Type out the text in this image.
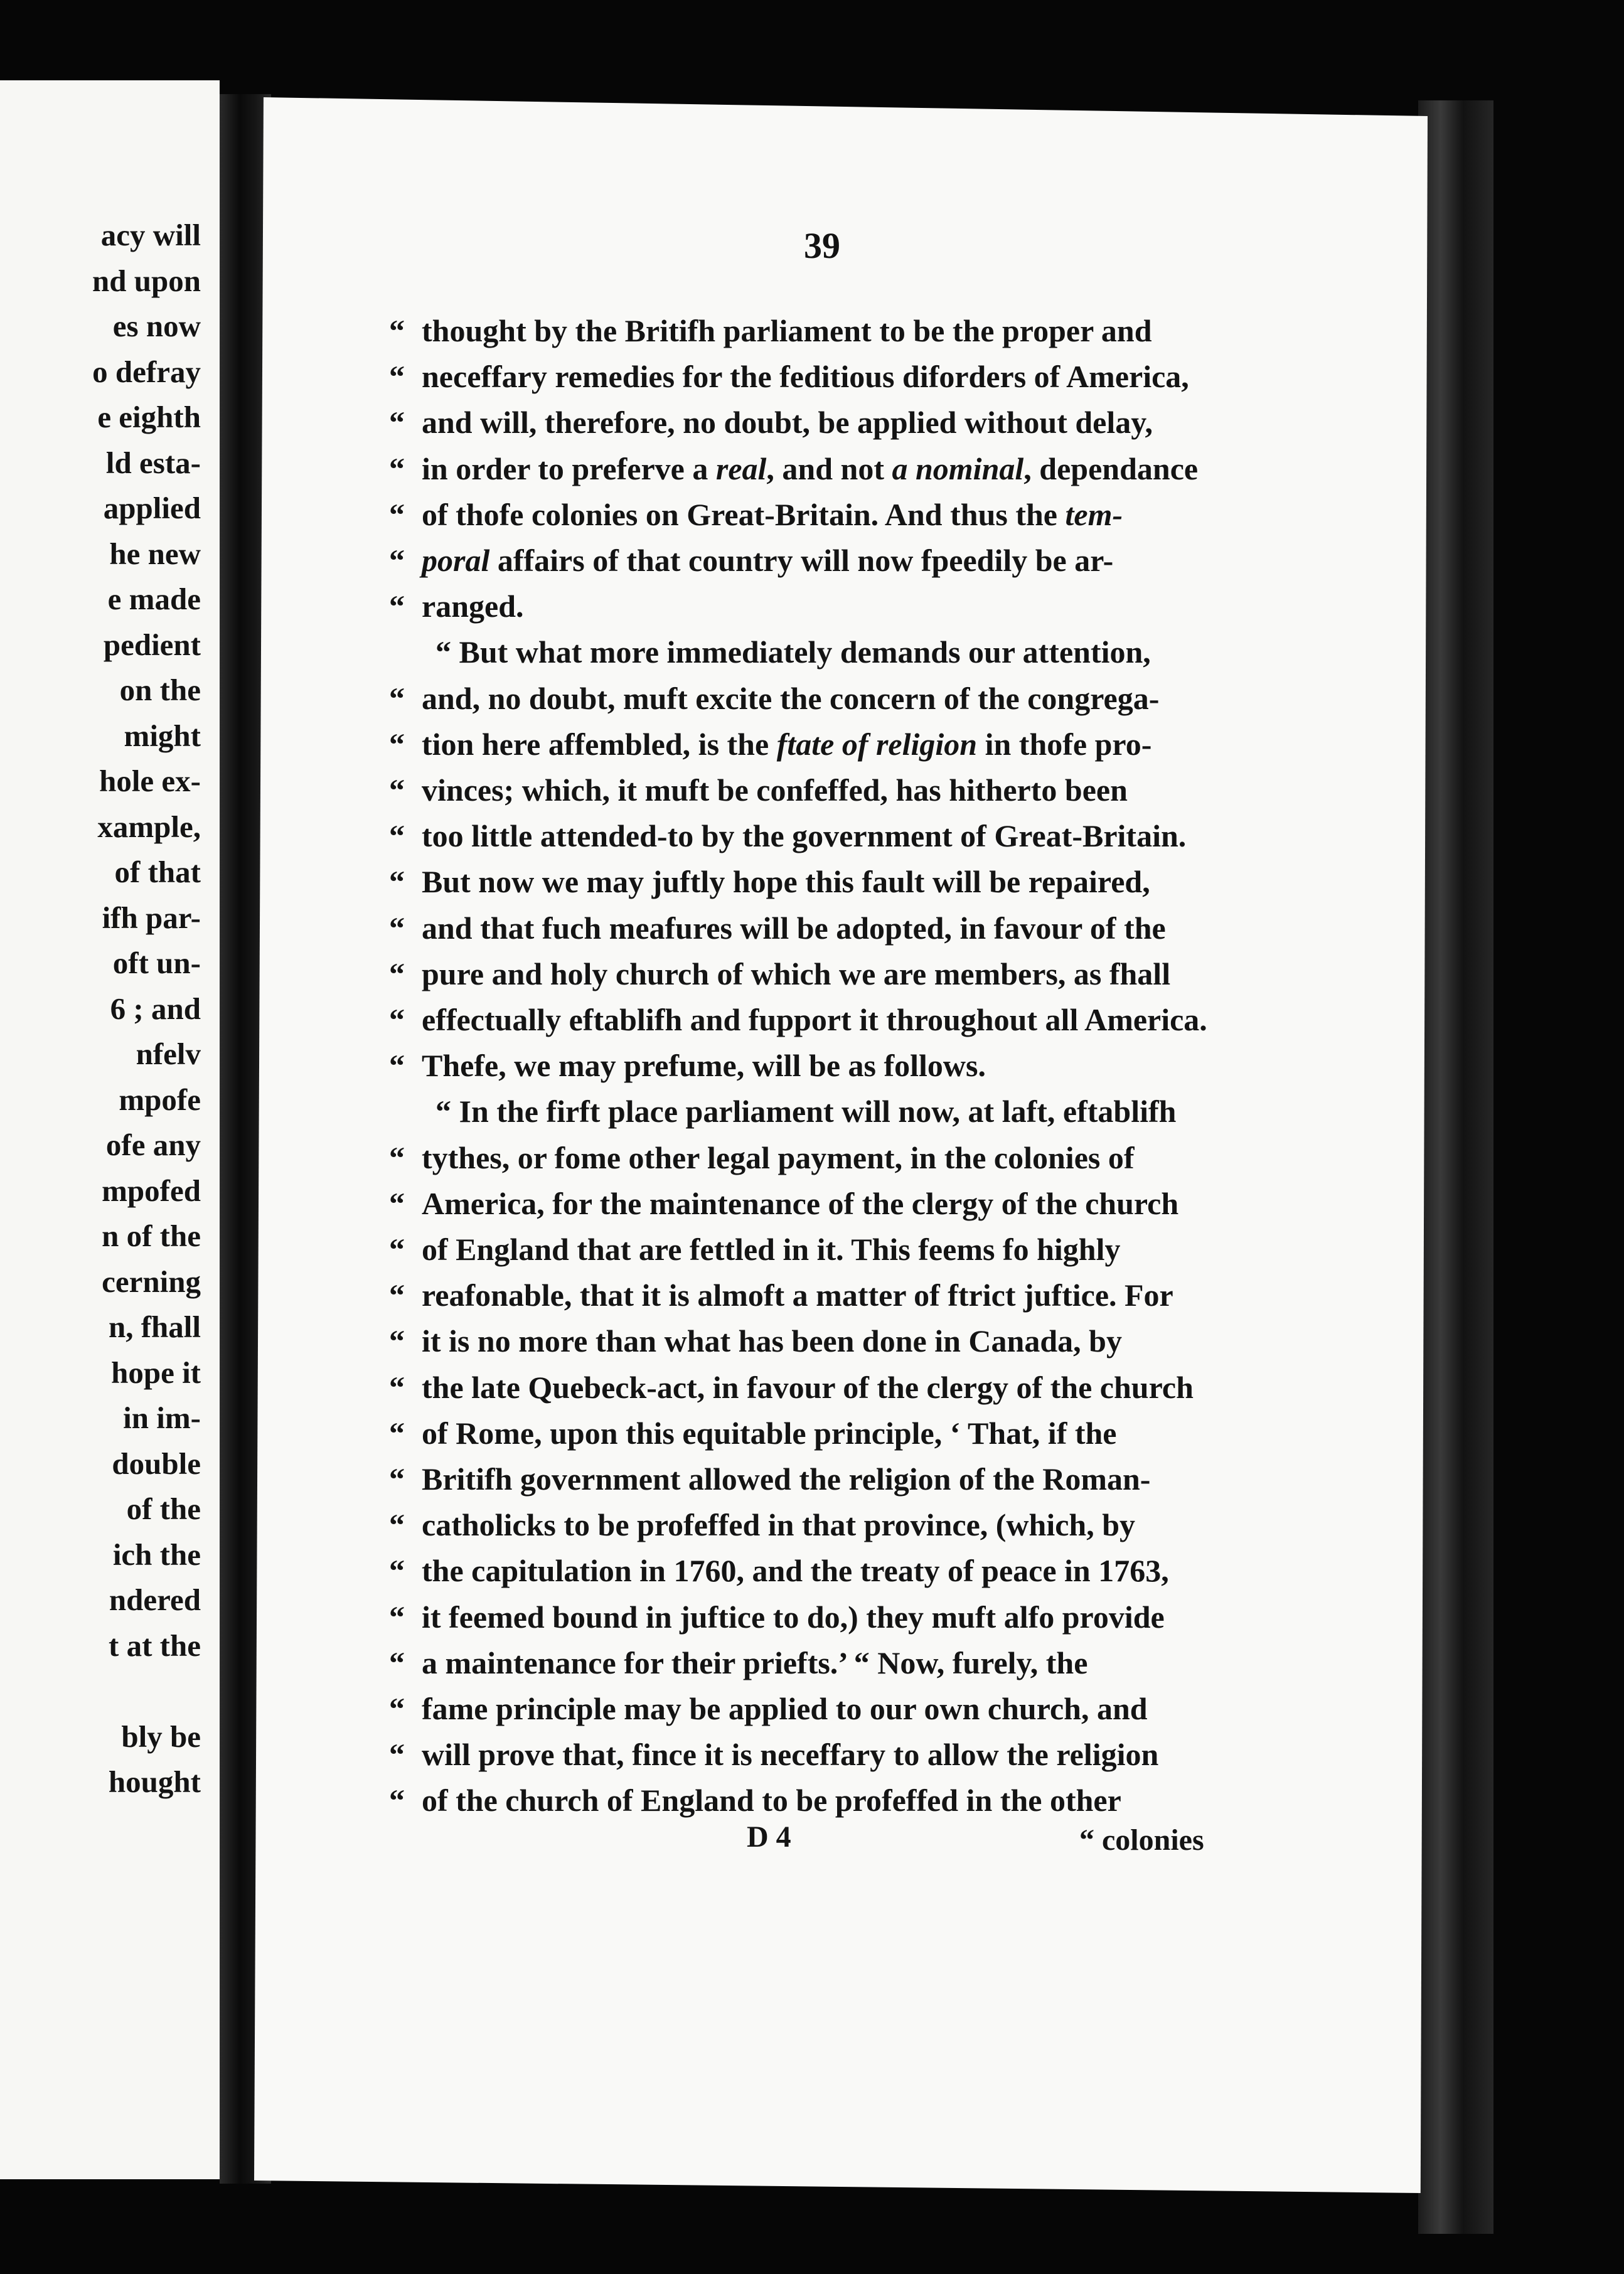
acy will
nd upon
es now
o defray
e eighth
ld esta-
applied
he new
e made
pedient
on the
might
hole ex-
xample,
of that
ifh par-
oft un-
6 ; and
nfelv
mpofe
ofe any
mpofed
n of the
cerning
n, fhall
hope it
in im-
double
of the
ich the
ndered
t at the
bly be
hought
39
“ thought by the Britifh parliament to be the proper and
“ neceffary remedies for the feditious diforders of America,
“ and will, therefore, no doubt, be applied without delay,
“ in order to preferve a real, and not a nominal, dependance
“ of thofe colonies on Great-Britain. And thus the tem-
“ poral affairs of that country will now fpeedily be ar-
“ ranged.
“ But what more immediately demands our attention,
“ and, no doubt, muft excite the concern of the congrega-
“ tion here affembled, is the ftate of religion in thofe pro-
“ vinces; which, it muft be confeffed, has hitherto been
“ too little attended-to by the government of Great-Britain.
“ But now we may juftly hope this fault will be repaired,
“ and that fuch meafures will be adopted, in favour of the
“ pure and holy church of which we are members, as fhall
“ effectually eftablifh and fupport it throughout all America.
“ Thefe, we may prefume, will be as follows.
“ In the firft place parliament will now, at laft, eftablifh
“ tythes, or fome other legal payment, in the colonies of
“ America, for the maintenance of the clergy of the church
“ of England that are fettled in it. This feems fo highly
“ reafonable, that it is almoft a matter of ftrict juftice. For
“ it is no more than what has been done in Canada, by
“ the late Quebeck-act, in favour of the clergy of the church
“ of Rome, upon this equitable principle, ‘ That, if the
“ Britifh government allowed the religion of the Roman-
“ catholicks to be profeffed in that province, (which, by
“ the capitulation in 1760, and the treaty of peace in 1763,
“ it feemed bound in juftice to do,) they muft alfo provide
“ a maintenance for their priefts.’ “ Now, furely, the
“ fame principle may be applied to our own church, and
“ will prove that, fince it is neceffary to allow the religion
“ of the church of England to be profeffed in the other
D 4	“ colonies
